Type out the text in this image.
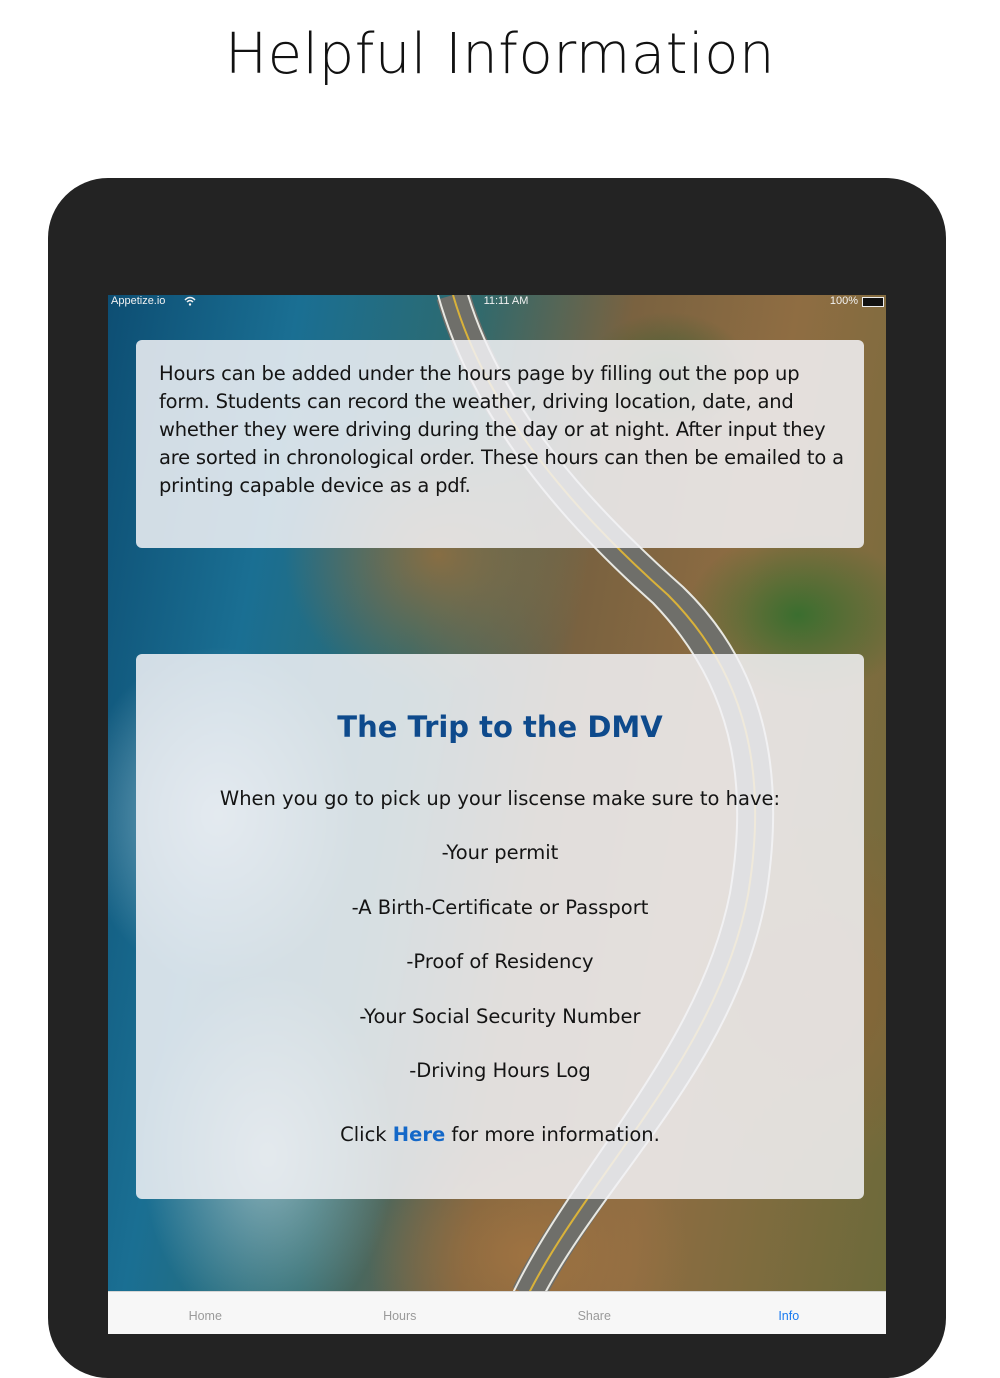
Helpful Information
Appetize.io	11:11 AM	100%
Hours can be added under the hours page by filling out the pop up form. Students can record the weather, driving location, date, and whether they were driving during the day or at night. After input they are sorted in chronological order. These hours can then be emailed to a printing capable device as a pdf.
The Trip to the DMV
When you go to pick up your liscense make sure to have:
-Your permit
-A Birth-Certificate or Passport
-Proof of Residency
-Your Social Security Number
-Driving Hours Log
Click Here for more information.
Home	Hours	Share	Info
